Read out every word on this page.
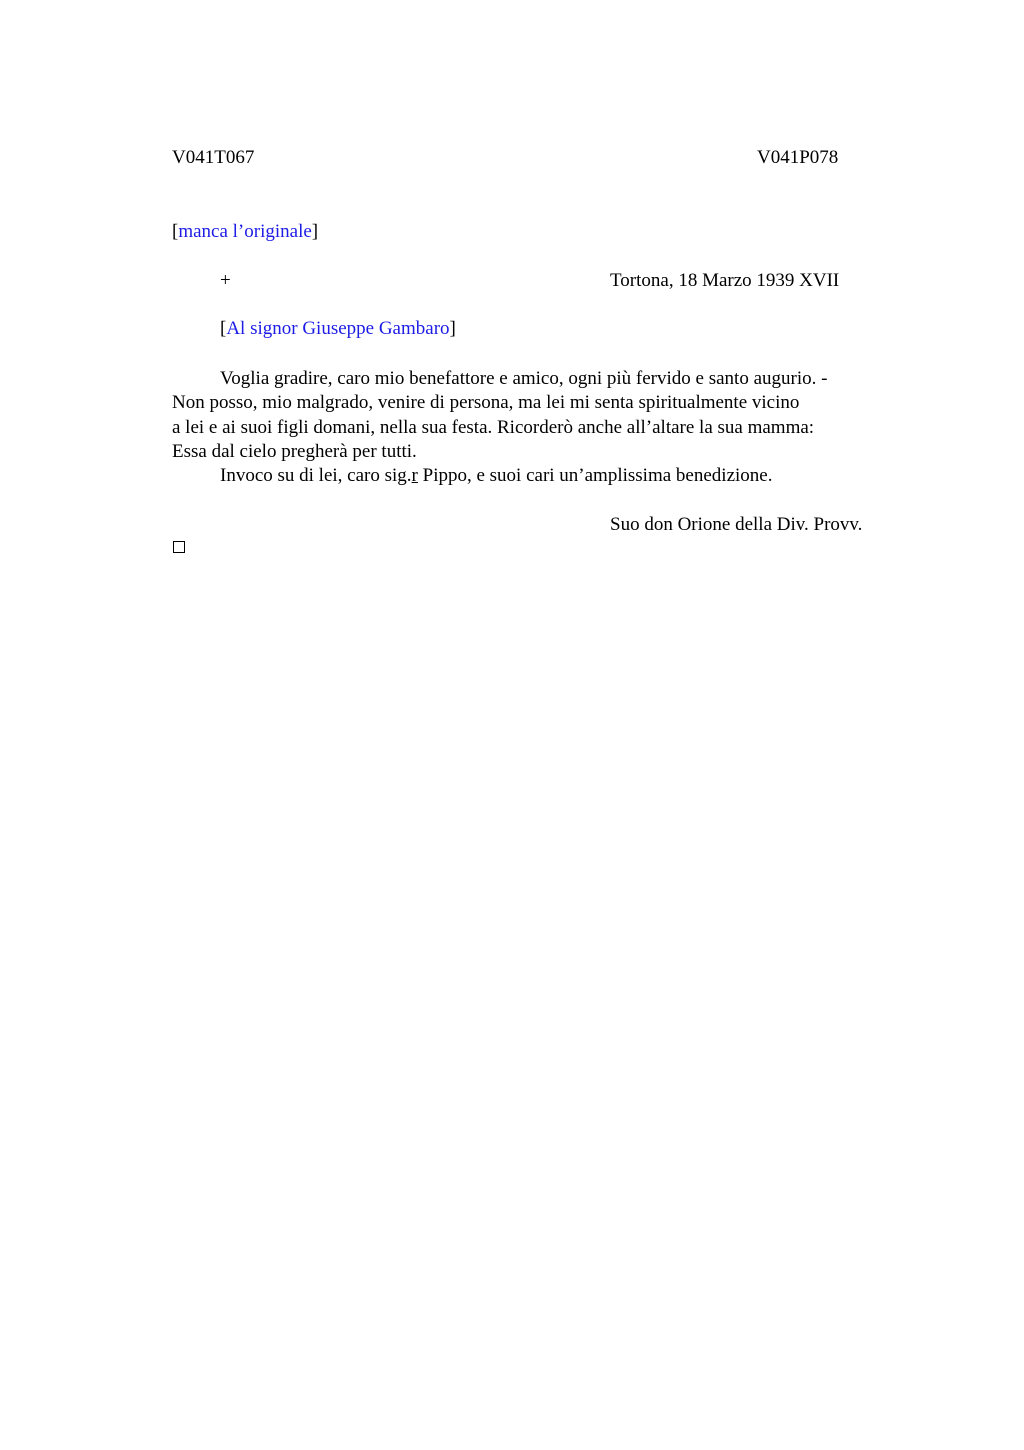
V041T067	V041P078
[manca l’originale]
+	Tortona, 18 Marzo 1939 XVII
[Al signor Giuseppe Gambaro]
Voglia gradire, caro mio benefattore e amico, ogni più fervido e santo augurio. -
Non posso, mio malgrado, venire di persona, ma lei mi senta spiritualmente vicino
a lei e ai suoi figli domani, nella sua festa. Ricorderò anche all’altare la sua mamma:
Essa dal cielo pregherà per tutti.
Invoco su di lei, caro sig.r Pippo, e suoi cari un’amplissima benedizione.
Suo don Orione della Div. Provv.
